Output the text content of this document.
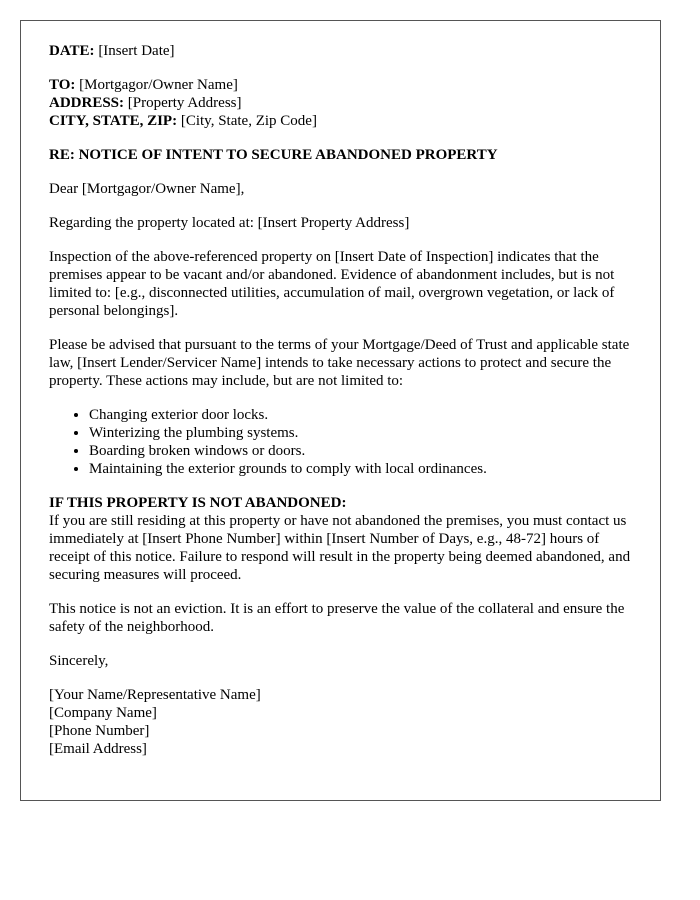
DATE: [Insert Date]

TO: [Mortgagor/Owner Name]
ADDRESS: [Property Address]
CITY, STATE, ZIP: [City, State, Zip Code]

RE: NOTICE OF INTENT TO SECURE ABANDONED PROPERTY

Dear [Mortgagor/Owner Name],

Regarding the property located at: [Insert Property Address]

Inspection of the above-referenced property on [Insert Date of Inspection] indicates that the premises appear to be vacant and/or abandoned. Evidence of abandonment includes, but is not limited to: [e.g., disconnected utilities, accumulation of mail, overgrown vegetation, or lack of personal belongings].

Please be advised that pursuant to the terms of your Mortgage/Deed of Trust and applicable state law, [Insert Lender/Servicer Name] intends to take necessary actions to protect and secure the property. These actions may include, but are not limited to:

• Changing exterior door locks.
• Winterizing the plumbing systems.
• Boarding broken windows or doors.
• Maintaining the exterior grounds to comply with local ordinances.
IF THIS PROPERTY IS NOT ABANDONED:

If you are still residing at this property or have not abandoned the premises, you must contact us immediately at [Insert Phone Number] within [Insert Number of Days, e.g., 48-72] hours of receipt of this notice. Failure to respond will result in the property being deemed abandoned, and securing measures will proceed.

This notice is not an eviction. It is an effort to preserve the value of the collateral and ensure the safety of the neighborhood.

Sincerely,

[Your Name/Representative Name]
[Company Name]
[Phone Number]
[Email Address]
